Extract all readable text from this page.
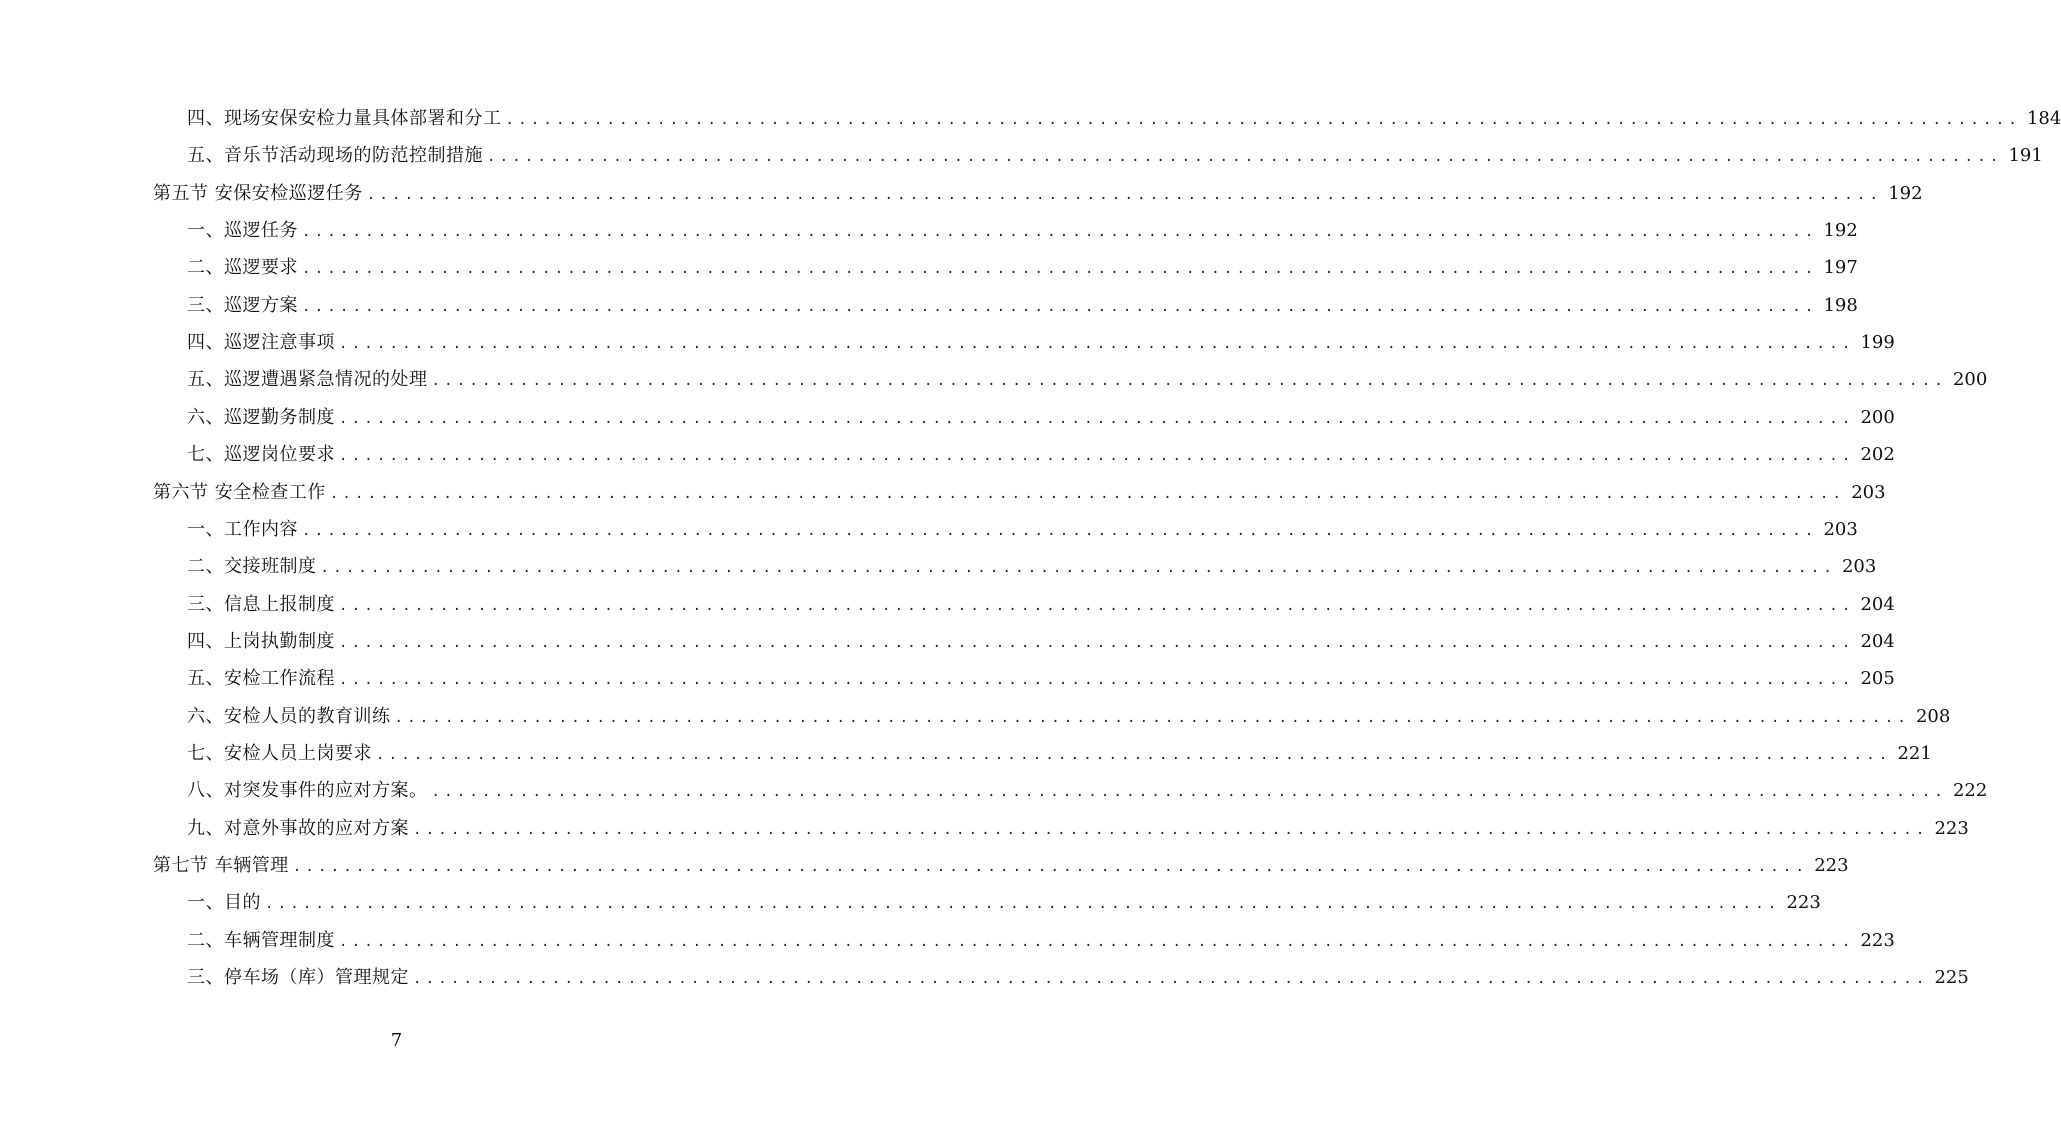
四、现场安保安检力量具体部署和分工 ........................................................................................................................ 184
五、音乐节活动现场的防范控制措施 ........................................................................................................................ 191
第五节 安保安检巡逻任务 ........................................................................................................................ 192
一、巡逻任务 ........................................................................................................................ 192
二、巡逻要求 ........................................................................................................................ 197
三、巡逻方案 ........................................................................................................................ 198
四、巡逻注意事项 ........................................................................................................................ 199
五、巡逻遭遇紧急情况的处理 ........................................................................................................................ 200
六、巡逻勤务制度 ........................................................................................................................ 200
七、巡逻岗位要求 ........................................................................................................................ 202
第六节 安全检查工作 ........................................................................................................................ 203
一、工作内容 ........................................................................................................................ 203
二、交接班制度 ........................................................................................................................ 203
三、信息上报制度 ........................................................................................................................ 204
四、上岗执勤制度 ........................................................................................................................ 204
五、安检工作流程 ........................................................................................................................ 205
六、安检人员的教育训练 ........................................................................................................................ 208
七、安检人员上岗要求 ........................................................................................................................ 221
八、对突发事件的应对方案。 ........................................................................................................................ 222
九、对意外事故的应对方案 ........................................................................................................................ 223
第七节 车辆管理 ........................................................................................................................ 223
一、目的 ........................................................................................................................ 223
二、车辆管理制度 ........................................................................................................................ 223
三、停车场（库）管理规定 ........................................................................................................................ 225
7
